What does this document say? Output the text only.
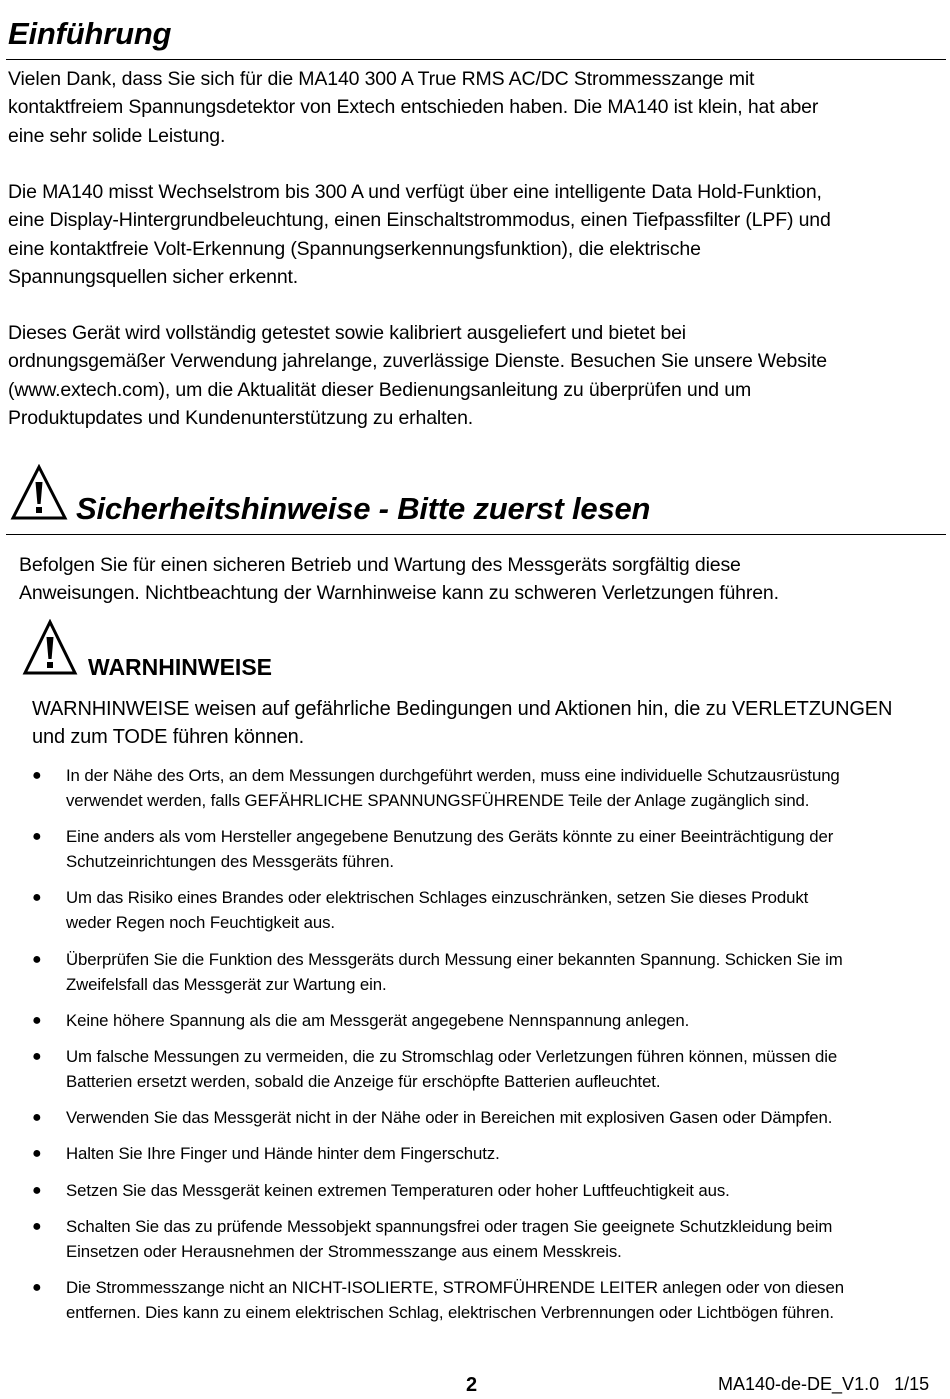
Einführung
Vielen Dank, dass Sie sich für die MA140 300 A True RMS AC/DC Strommesszange mit
kontaktfreiem Spannungsdetektor von Extech entschieden haben. Die MA140 ist klein, hat aber
eine sehr solide Leistung.
Die MA140 misst Wechselstrom bis 300 A und verfügt über eine intelligente Data Hold-Funktion,
eine Display-Hintergrundbeleuchtung, einen Einschaltstrommodus, einen Tiefpassfilter (LPF) und
eine kontaktfreie Volt-Erkennung (Spannungserkennungsfunktion), die elektrische
Spannungsquellen sicher erkennt.
Dieses Gerät wird vollständig getestet sowie kalibriert ausgeliefert und bietet bei
ordnungsgemäßer Verwendung jahrelange, zuverlässige Dienste. Besuchen Sie unsere Website
(www.extech.com), um die Aktualität dieser Bedienungsanleitung zu überprüfen und um
Produktupdates und Kundenunterstützung zu erhalten.
Sicherheitshinweise - Bitte zuerst lesen
Befolgen Sie für einen sicheren Betrieb und Wartung des Messgeräts sorgfältig diese
Anweisungen. Nichtbeachtung der Warnhinweise kann zu schweren Verletzungen führen.
WARNHINWEISE
WARNHINWEISE weisen auf gefährliche Bedingungen und Aktionen hin, die zu VERLETZUNGEN
und zum TODE führen können.
● In der Nähe des Orts, an dem Messungen durchgeführt werden, muss eine individuelle Schutzausrüstung
verwendet werden, falls GEFÄHRLICHE SPANNUNGSFÜHRENDE Teile der Anlage zugänglich sind.
● Eine anders als vom Hersteller angegebene Benutzung des Geräts könnte zu einer Beeinträchtigung der
Schutzeinrichtungen des Messgeräts führen.
● Um das Risiko eines Brandes oder elektrischen Schlages einzuschränken, setzen Sie dieses Produkt
weder Regen noch Feuchtigkeit aus.
● Überprüfen Sie die Funktion des Messgeräts durch Messung einer bekannten Spannung. Schicken Sie im
Zweifelsfall das Messgerät zur Wartung ein.
● Keine höhere Spannung als die am Messgerät angegebene Nennspannung anlegen.
● Um falsche Messungen zu vermeiden, die zu Stromschlag oder Verletzungen führen können, müssen die
Batterien ersetzt werden, sobald die Anzeige für erschöpfte Batterien aufleuchtet.
● Verwenden Sie das Messgerät nicht in der Nähe oder in Bereichen mit explosiven Gasen oder Dämpfen.
● Halten Sie Ihre Finger und Hände hinter dem Fingerschutz.
● Setzen Sie das Messgerät keinen extremen Temperaturen oder hoher Luftfeuchtigkeit aus.
● Schalten Sie das zu prüfende Messobjekt spannungsfrei oder tragen Sie geeignete Schutzkleidung beim
Einsetzen oder Herausnehmen der Strommesszange aus einem Messkreis.
● Die Strommesszange nicht an NICHT-ISOLIERTE, STROMFÜHRENDE LEITER anlegen oder von diesen
entfernen. Dies kann zu einem elektrischen Schlag, elektrischen Verbrennungen oder Lichtbögen führen.
2	MA140-de-DE_V1.0   1/15
